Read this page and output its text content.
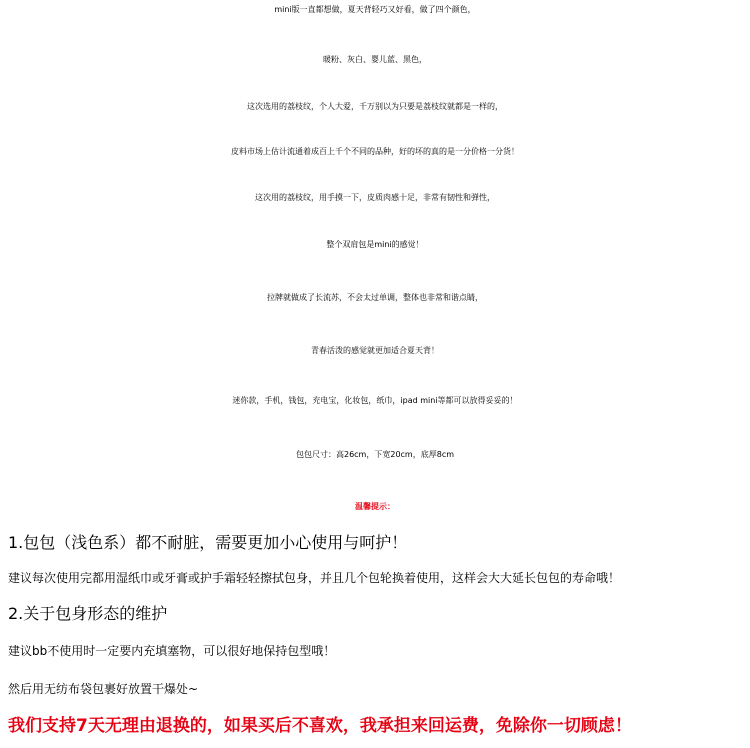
mini版一直都想做，夏天背轻巧又好看，做了四个颜色，
暖粉、灰白、婴儿蓝、黑色，
这次选用的荔枝纹，个人大爱，千万别以为只要是荔枝纹就都是一样的，
皮料市场上估计流通着成百上千个不同的品种，好的坏的真的是一分价格一分货！
这次用的荔枝纹，用手摸一下，皮质肉感十足，非常有韧性和弹性，
整个双肩包是mini的感觉！
拉牌就做成了长流苏，不会太过单调，整体也非常和谐点睛，
青春活泼的感觉就更加适合夏天背！
迷你款，手机，钱包，充电宝，化妆包，纸巾，ipad mini等都可以放得妥妥的！
包包尺寸：高26cm，下宽20cm，底厚8cm
温馨提示：
1.包包（浅色系）都不耐脏，需要更加小心使用与呵护！
建议每次使用完都用湿纸巾或牙膏或护手霜轻轻擦拭包身，并且几个包轮换着使用，这样会大大延长包包的寿命哦！
2.关于包身形态的维护
建议bb不使用时一定要内充填塞物，可以很好地保持包型哦！
然后用无纺布袋包裹好放置干爆处~
我们支持7天无理由退换的，如果买后不喜欢，我承担来回运费，免除你一切顾虑！
